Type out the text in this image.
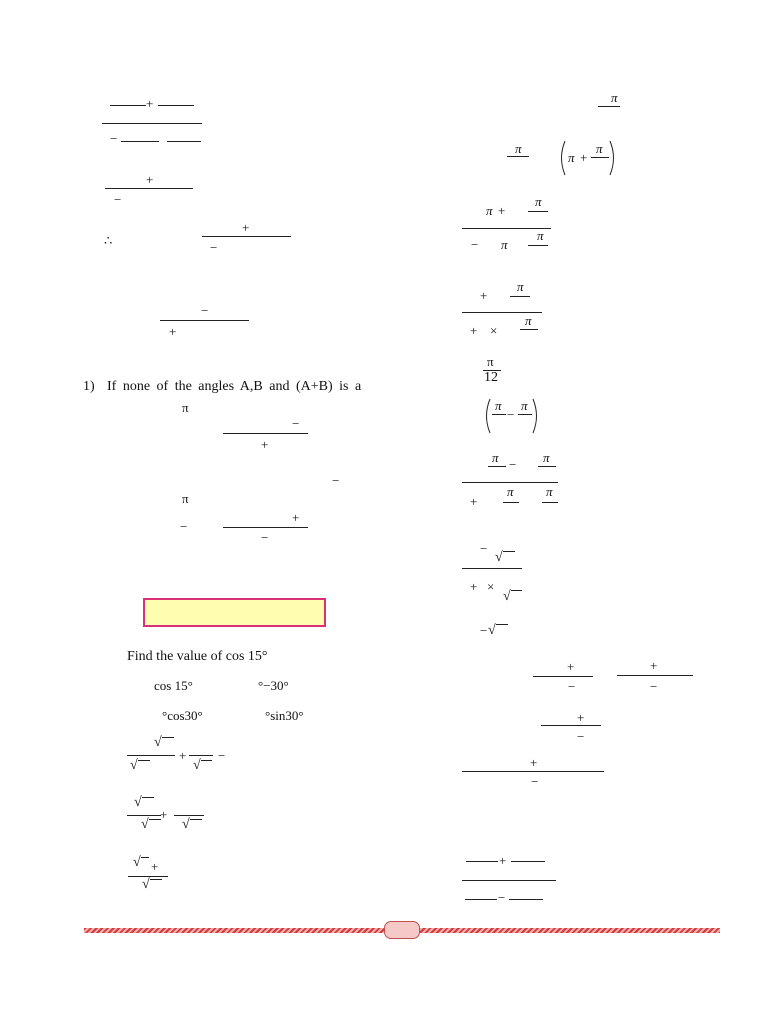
+
−
+
−
∴
+
−
−
+
1) If none of the angles A,B and (A+B) is a
π
−
+
−
π
−
+
−
Find the value of cos 15°
cos 15°	°−30°
°cos30°	°sin30°
√
√
+
√
−
√
+
√ √
√ +
√
π
π
π +
π
π +
π
− π
π
+
π
+ ×
π
π
12
π
−
π
π − π
+
π π
−
√
+ ×
√
− √
+
−
+
−
+
−
+
−
+
−
